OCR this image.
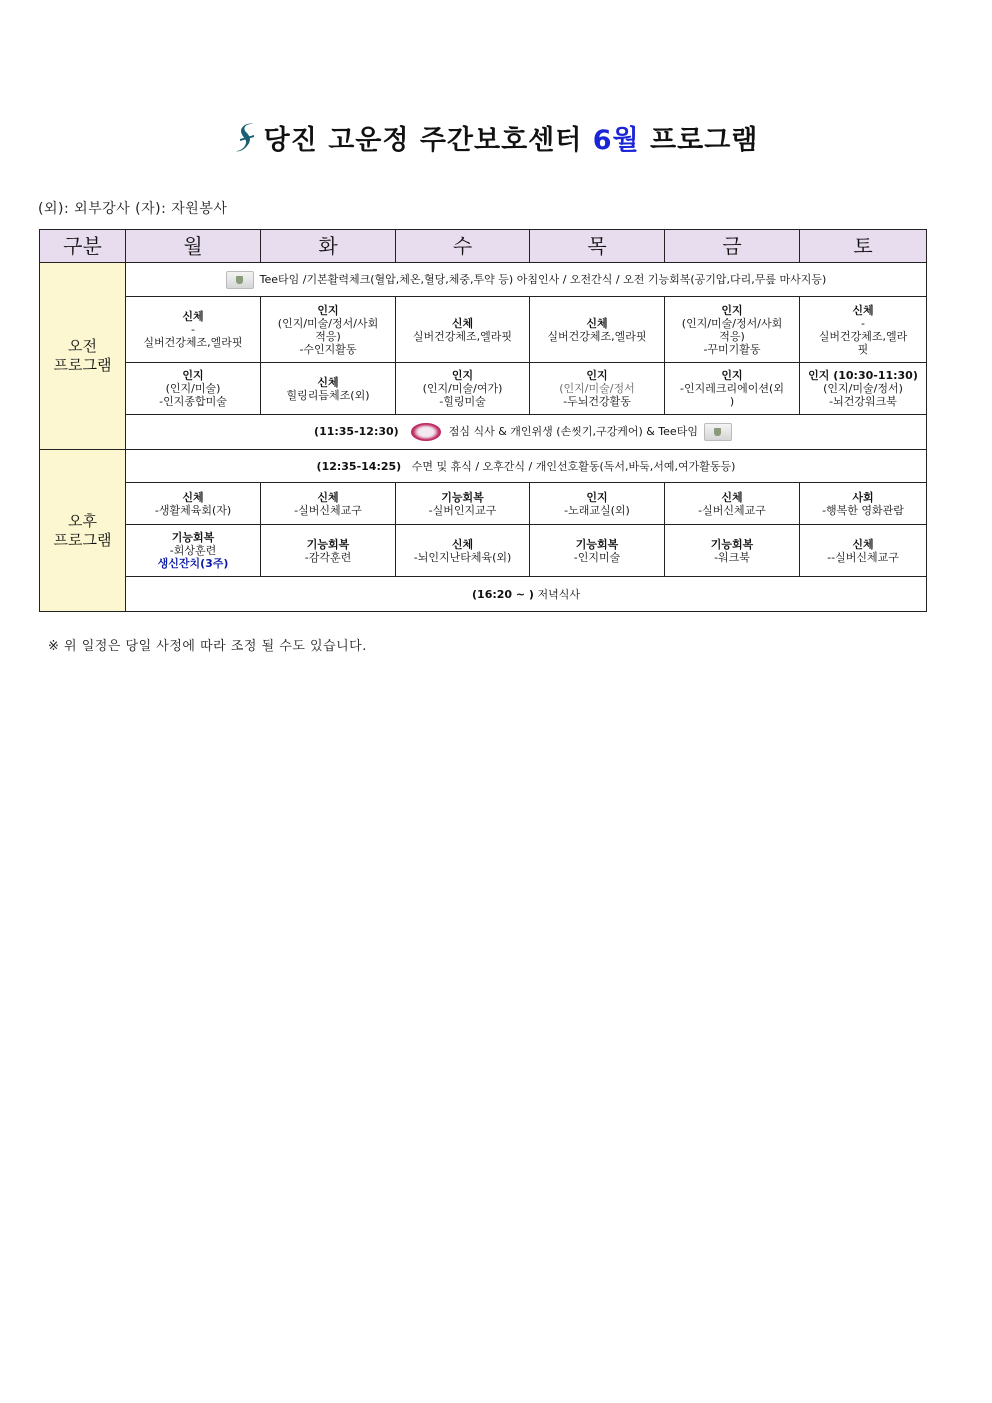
당진 고운정 주간보호센터 6월 프로그램
(외): 외부강사 (자): 자원봉사
구분	월	화	수	목	금	토

오전
프로그램	Tee타임 /기본활력체크(혈압,체온,혈당,체중,투약 등) 아침인사 / 오전간식 / 오전 기능회복(공기압,다리,무릎 마사지등)					

	신체
-
실버건강체조,엘라핏	인지
(인지/미술/정서/사회
적응)
-수인지활동	신체
실버건강체조,엘라핏	신체
실버건강체조,엘라핏	인지
(인지/미술/정서/사회
적응)
-꾸미기활동	신체
-
실버건강체조,엘라
핏

	인지
(인지/미술)
-인지종합미술	신체
힐링리듬체조(외)	인지
(인지/미술/여가)
-힐링미술	인지
(인지/미술/정서
-두뇌건강활동	인지
-인지레크리에이션(외
)	인지 (10:30-11:30)
(인지/미술/정서)
-뇌건강워크북

	(11:35-12:30) 점심 식사 & 개인위생 (손씻기,구강케어) & Tee타임					

오후
프로그램	(12:35-14:25) 수면 및 휴식 / 오후간식 / 개인선호활동(독서,바둑,서예,여가활동등)					

	신체
-생활체육회(자)	신체
-실버신체교구	기능회복
-실버인지교구	인지
-노래교실(외)	신체
-실버신체교구	사회
-행복한 영화관람

	기능회복
-회상훈련
생신잔치(3주)	기능회복
-감각훈련	신체
-뇌인지난타체육(외)	기능회복
-인지미술	기능회복
-워크북	신체
--실버신체교구

	(16:20 ~ ) 저녁식사					
※ 위 일정은 당일 사정에 따라 조정 될 수도 있습니다.
